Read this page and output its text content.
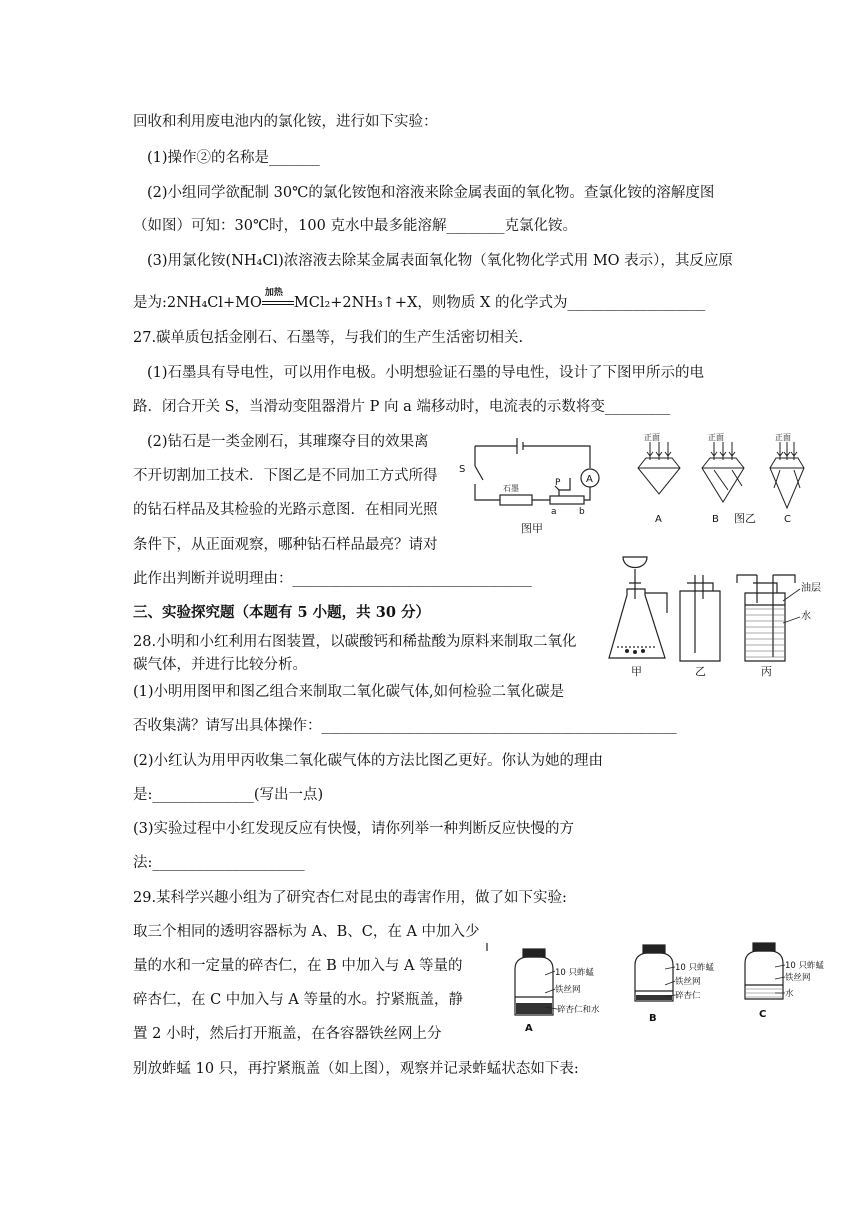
回收和利用废电池内的氯化铵，进行如下实验：
(1)操作②的名称是_______
(2)小组同学欲配制 30℃的氯化铵饱和溶液来除金属表面的氧化物。查氯化铵的溶解度图
（如图）可知：30℃时，100 克水中最多能溶解________克氯化铵。
(3)用氯化铵(NH₄Cl)浓溶液去除某金属表面氧化物（氧化物化学式用 MO 表示），其反应原
是为:2NH₄Cl+MO
加热
MCl₂+2NH₃↑+X，则物质 X 的化学式为___________________
27.碳单质包括金刚石、石墨等，与我们的生产生活密切相关.
(1)石墨具有导电性，可以用作电极。小明想验证石墨的导电性，设计了下图甲所示的电
路．闭合开关 S，当滑动变阻器滑片 P 向 a 端移动时，电流表的示数将变_________
(2)钻石是一类金刚石，其璀璨夺目的效果离
不开切割加工技术．下图乙是不同加工方式所得
的钻石样品及其检验的光路示意图．在相同光照
条件下，从正面观察，哪种钻石样品最亮？请对
此作出判断并说明理由：_________________________________
三、实验探究题（本题有 5 小题，共 30 分）
28.小明和小红利用右图装置，以碳酸钙和稀盐酸为原料来制取二氧化
碳气体，并进行比较分析。
(1)小明用图甲和图乙组合来制取二氧化碳气体,如何检验二氧化碳是
否收集满？请写出具体操作：_________________________________________________
(2)小红认为用甲丙收集二氧化碳气体的方法比图乙更好。你认为她的理由
是:______________(写出一点)
(3)实验过程中小红发现反应有快慢，请你列举一种判断反应快慢的方
法:_____________________
29.某科学兴趣小组为了研究杏仁对昆虫的毒害作用，做了如下实验:
取三个相同的透明容器标为 A、B、C，在 A 中加入少
量的水和一定量的碎杏仁，在 B 中加入与 A 等量的
碎杏仁，在 C 中加入与 A 等量的水。拧紧瓶盖，静
置 2 小时，然后打开瓶盖，在各容器铁丝网上分
别放蚱蜢 10 只，再拧紧瓶盖（如上图），观察并记录蚱蜢状态如下表:
S
石墨
P
a b
A
图甲
正面	正面	正面
A	B 图乙	C
油层
水
甲	乙	丙
10 只蚱蜢
铁丝网
碎杏仁和水
10 只蚱蜢
铁丝网
碎杏仁
10 只蚱蜢
铁丝网
水
A
B	C
